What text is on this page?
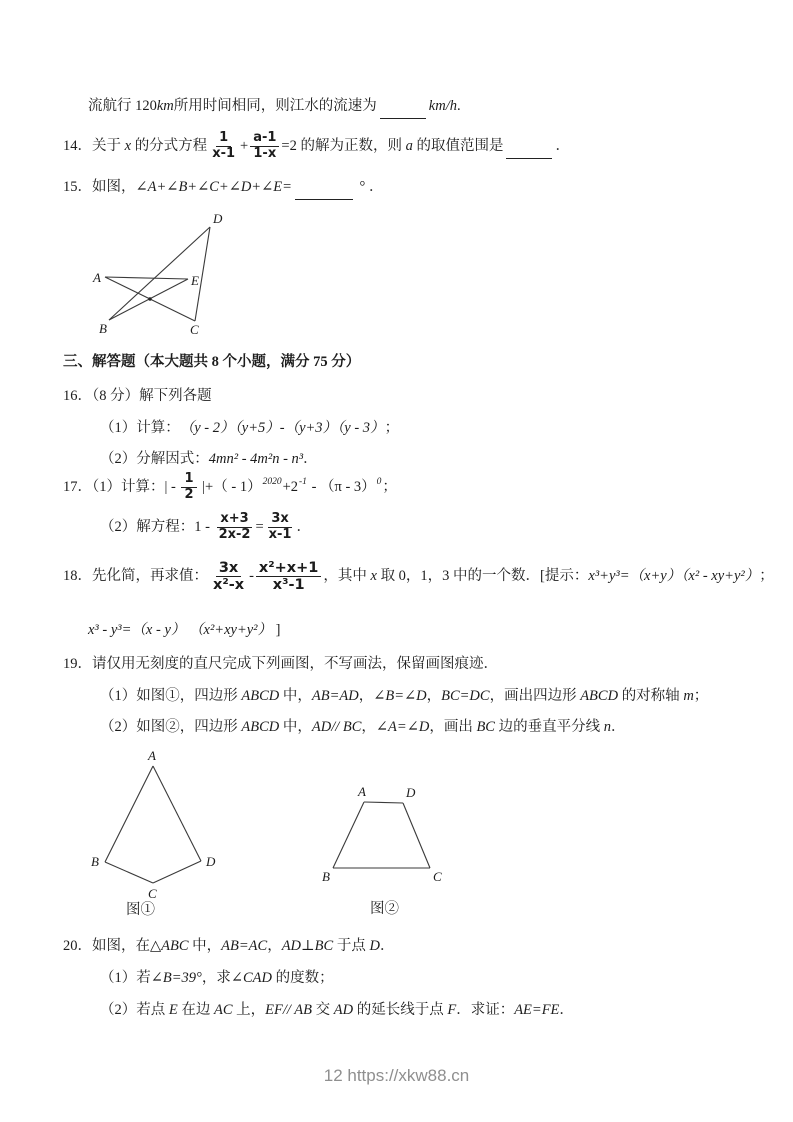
流航行 120 km 所用时间相同，则江水的流速为	km/h .
14．关于 x 的分式方程 $\frac{1}{x-1} + \frac{a-1}{1-x} =2$ 的解为正数，则 a 的取值范围是	．
15．如图， ∠A+∠B+∠C+∠D+∠E=	° ．
A
B	C
D
E
三、解答题（本大题共 8 个小题，满分 75 分）
16．（8 分）解下列各题
（1）计算： （y - 2）（y+5）-（y+3）（y - 3） ；
（2）分解因式： 4mn² - 4m²n - n³ ．
17．（1）计算：| - $\frac{1}{2}$ |+（ - 1） 2020 +2 -1 - （π - 3） 0 ；
（2）解方程：$1 - \frac{x+3}{2x-2} = \frac{3x}{x-1}$ ．
18．先化简，再求值： $\frac{3x}{\text{x²-x}} - \frac{\text{x²+x+1}}{\text{x³-1}}$ ，其中 x 取 0，1，3 中的一个数．[提示： x³+y³=（x+y）（x² - xy+y²） ；
x³ - y³=（x - y） （x²+xy+y²） ]
19．请仅用无刻度的直尺完成下列画图，不写画法，保留画图痕迹．
（1）如图①，四边形 ABCD 中， AB=AD ， ∠B=∠D ， BC=DC ，画出四边形 ABCD 的对称轴 m ；
（2）如图②，四边形 ABCD 中， AD// BC ， ∠A=∠D ，画出 BC 边的垂直平分线 n ．
A
B
C
D
图①
A	D
B	C
图②
20．如图，在△ ABC 中， AB=AC ， AD⊥BC 于点 D ．
（1）若 ∠B=39° ，求 ∠CAD 的度数；
（2）若点 E 在边 AC 上， EF// AB 交 AD 的延长线于点 F ．求证： AE=FE ．
12 https://xkw88.cn
